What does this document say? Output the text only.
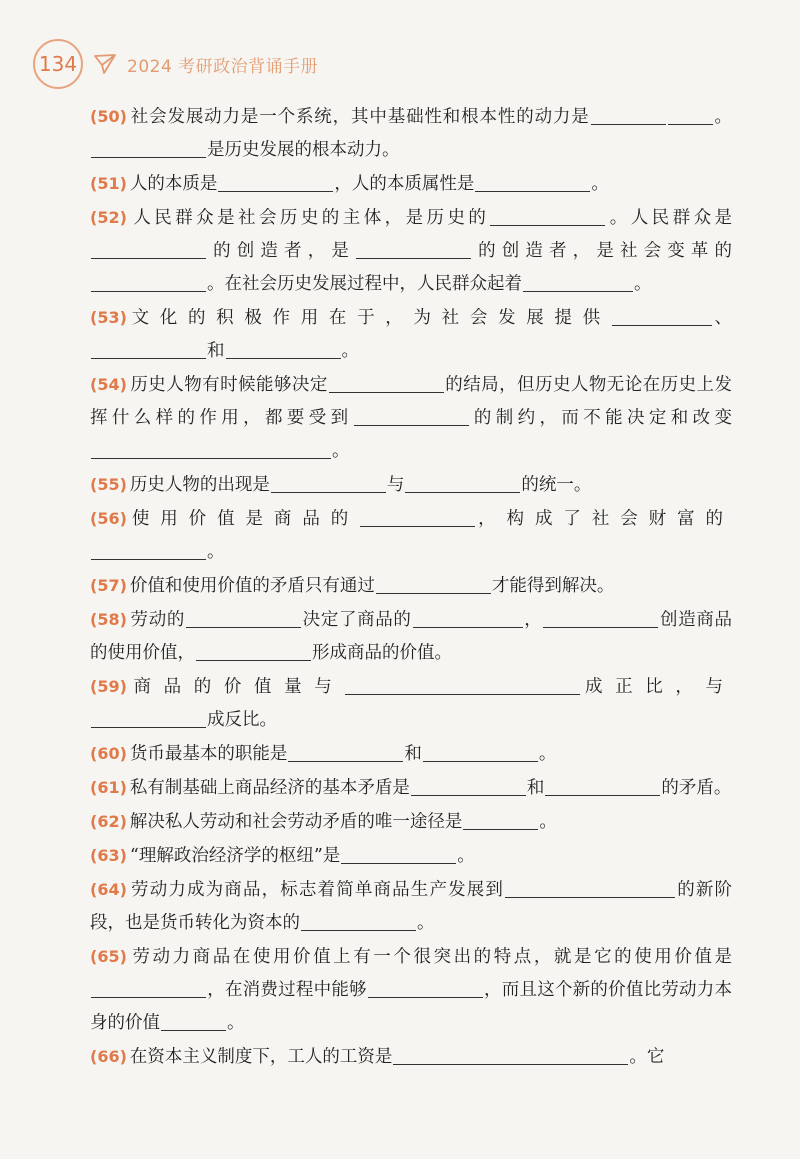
134	2024 考研政治背诵手册

(50) 社会发展动力是一个系统，其中基础性和根本性的动力是	。是历史发展的根本动力。

(51) 人的本质是	，人的本质属性是	。

(52) 人民群众是社会历史的主体，是历史的	。人民群众是的创造者，是	的创造者，是社会变革的。在社会历史发展过程中，人民群众起着	。

(53) 文化的积极作用在于，为社会发展提供	、和	。

(54) 历史人物有时候能够决定	的结局，但历史人物无论在历史上发挥什么样的作用，都要受到	的制约，而不能决定和改变。

(55) 历史人物的出现是	与	的统一。

(56) 使用价值是商品的	，构成了社会财富的。

(57) 价值和使用价值的矛盾只有通过	才能得到解决。

(58) 劳动的	决定了商品的	，	创造商品的使用价值，	形成商品的价值。

(59) 商品的价值量与	成正比，与成反比。

(60) 货币最基本的职能是	和	。

(61) 私有制基础上商品经济的基本矛盾是	和	的矛盾。

(62) 解决私人劳动和社会劳动矛盾的唯一途径是	。

(63) “理解政治经济学的枢纽”是	。

(64) 劳动力成为商品，标志着简单商品生产发展到	的新阶段，也是货币转化为资本的	。

(65) 劳动力商品在使用价值上有一个很突出的特点，就是它的使用价值是，在消费过程中能够	，而且这个新的价值比劳动力本身的价值	。

(66) 在资本主义制度下，工人的工资是	。它
